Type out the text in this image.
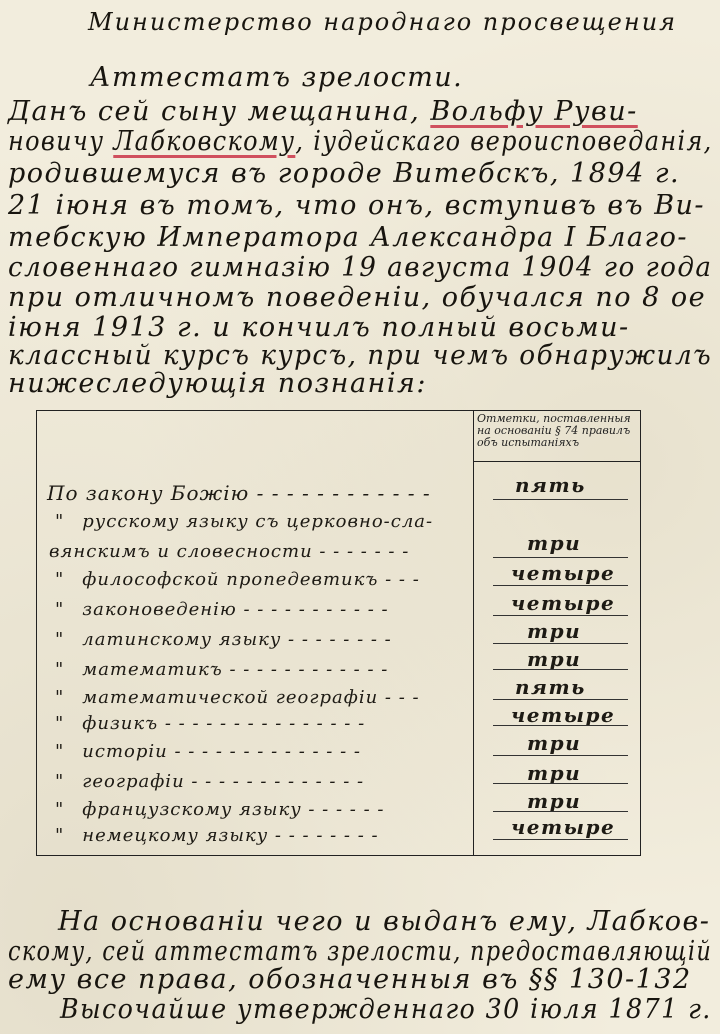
Министерство народнаго просвещения
Аттестатъ зрелости.
Данъ сей сыну мещанина, Вольфу Руви-
новичу Лабковскому, iудейскаго вероисповеданія,
родившемуся въ городе Витебскъ, 1894 г.
21 iюня въ томъ, что онъ, вступивъ въ Ви-
тебскую Императора Александра I Благо-
словеннаго гимназію 19 августа 1904 го года
при отличномъ поведеніи, обучался по 8 ое
iюня 1913 г. и кончилъ полный восьми-
классный курсъ курсъ, при чемъ обнаружилъ
нижеследующія познанія:
Отметки, поставленныя на основаніи § 74 правилъ объ испытаніяхъ
По закону Божію - - - - - - - - - - - -	пять
" русскому языку съ церковно-сла-
вянскимъ и словесности - - - - - - -	три
" философской пропедевтикъ - - -	четыре
" законоведенію - - - - - - - - - - -	четыре
" латинскому языку - - - - - - - -	три
" математикъ - - - - - - - - - - - -	три
" математической географіи - - -	пять
" физикъ - - - - - - - - - - - - - - -	четыре
" исторіи - - - - - - - - - - - - - -	три
" географіи - - - - - - - - - - - - -	три
" французскому языку - - - - - -	три
" немецкому языку - - - - - - - -	четыре
На основаніи чего и выданъ ему, Лабков-
скому, сей аттестатъ зрелости, предоставляющій
ему все права, обозначенныя въ §§ 130-132
Высочайше утвержденнаго 30 iюля 1871 г.
